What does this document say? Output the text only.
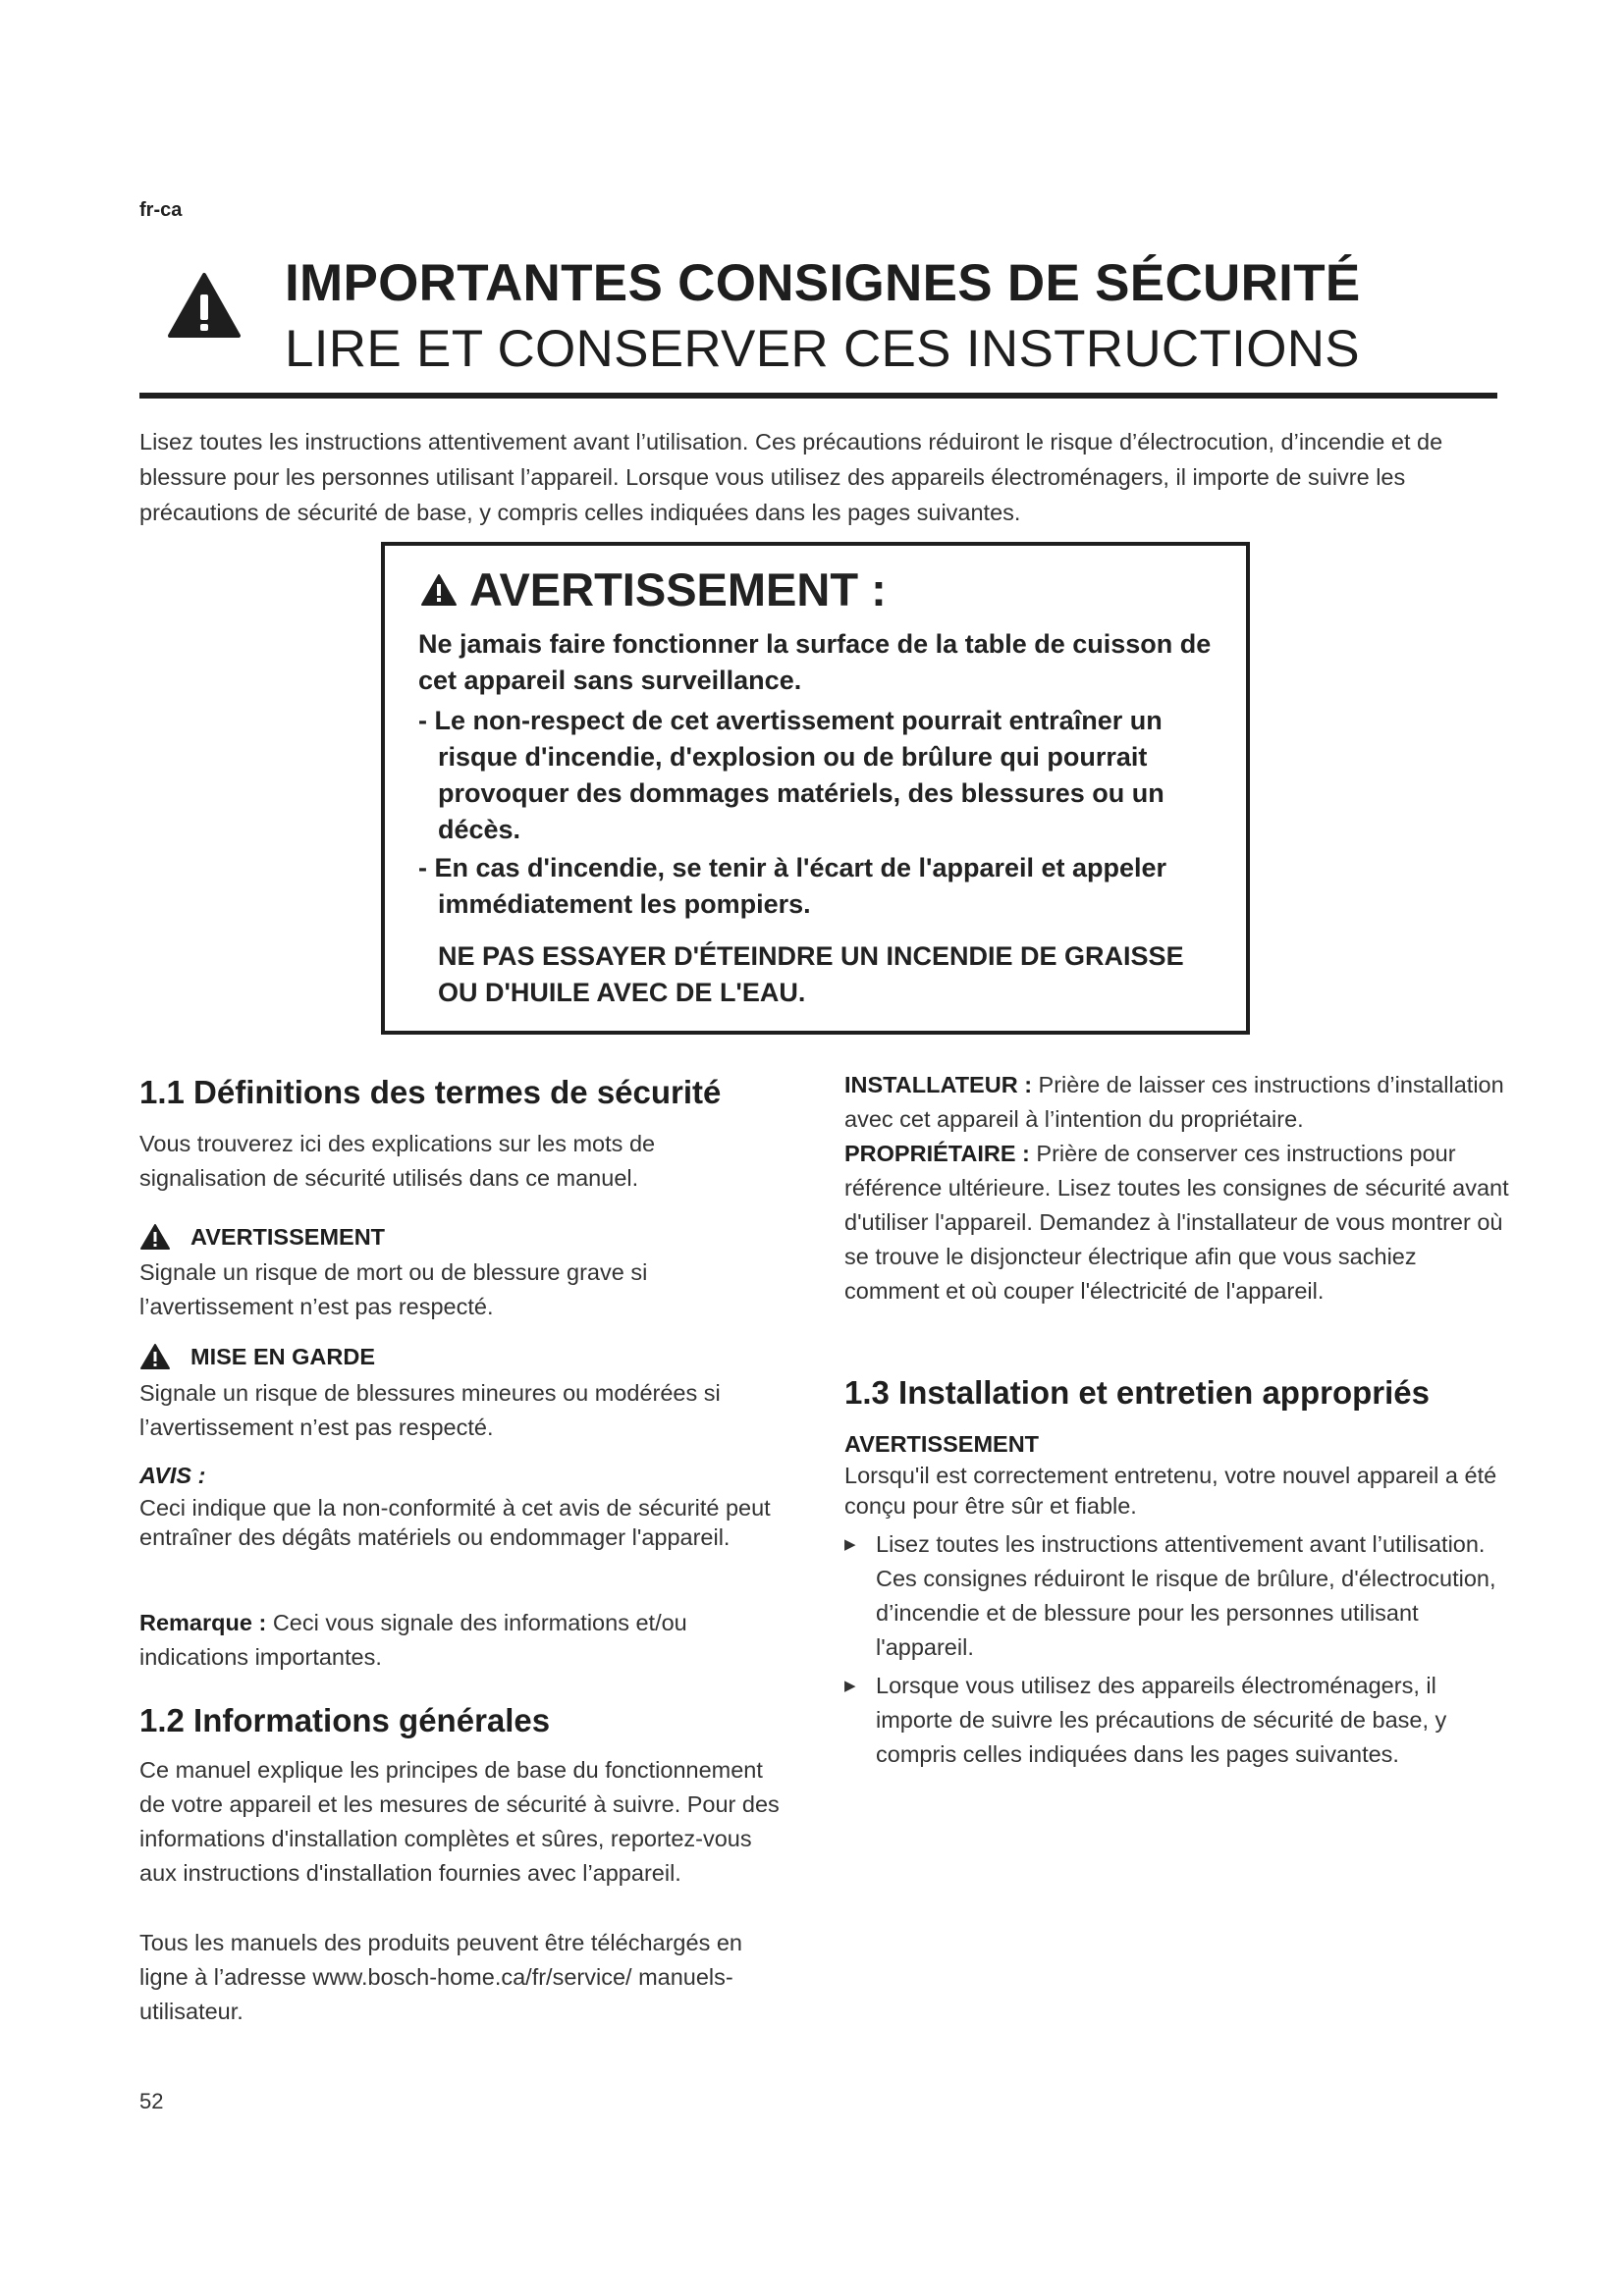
fr-ca
IMPORTANTES CONSIGNES DE SÉCURITÉ
LIRE ET CONSERVER CES INSTRUCTIONS
Lisez toutes les instructions attentivement avant l’utilisation. Ces précautions réduiront le risque d’électrocution, d’incendie et de blessure pour les personnes utilisant l’appareil. Lorsque vous utilisez des appareils électroménagers, il importe de suivre les précautions de sécurité de base, y compris celles indiquées dans les pages suivantes.
AVERTISSEMENT :
Ne jamais faire fonctionner la surface de la table de cuisson de cet appareil sans surveillance.
- Le non-respect de cet avertissement pourrait entraîner un risque d'incendie, d'explosion ou de brûlure qui pourrait provoquer des dommages matériels, des blessures ou un décès.
- En cas d'incendie, se tenir à l'écart de l'appareil et appeler immédiatement les pompiers.
NE PAS ESSAYER D'ÉTEINDRE UN INCENDIE DE GRAISSE OU D'HUILE AVEC DE L'EAU.
1.1 Définitions des termes de sécurité
Vous trouverez ici des explications sur les mots de signalisation de sécurité utilisés dans ce manuel.
AVERTISSEMENT
Signale un risque de mort ou de blessure grave si l’avertissement n’est pas respecté.
MISE EN GARDE
Signale un risque de blessures mineures ou modérées si l’avertissement n’est pas respecté.
AVIS :
Ceci indique que la non-conformité à cet avis de sécurité peut entraîner des dégâts matériels ou endommager l'appareil.
Remarque : Ceci vous signale des informations et/ou indications importantes.
1.2 Informations générales
Ce manuel explique les principes de base du fonctionnement de votre appareil et les mesures de sécurité à suivre. Pour des informations d'installation complètes et sûres, reportez-vous aux instructions d'installation fournies avec l’appareil.
Tous les manuels des produits peuvent être téléchargés en ligne à l’adresse www.bosch-home.ca/fr/service/ manuels-utilisateur.
INSTALLATEUR : Prière de laisser ces instructions d’installation avec cet appareil à l’intention du propriétaire.
PROPRIÉTAIRE : Prière de conserver ces instructions pour référence ultérieure. Lisez toutes les consignes de sécurité avant d'utiliser l'appareil. Demandez à l'installateur de vous montrer où se trouve le disjoncteur électrique afin que vous sachiez comment et où couper l'électricité de l'appareil.
1.3 Installation et entretien appropriés
AVERTISSEMENT
Lorsqu'il est correctement entretenu, votre nouvel appareil a été conçu pour être sûr et fiable.
▶ Lisez toutes les instructions attentivement avant l’utilisation. Ces consignes réduiront le risque de brûlure, d'électrocution, d’incendie et de blessure pour les personnes utilisant l'appareil.
▶ Lorsque vous utilisez des appareils électroménagers, il importe de suivre les précautions de sécurité de base, y compris celles indiquées dans les pages suivantes.
52
